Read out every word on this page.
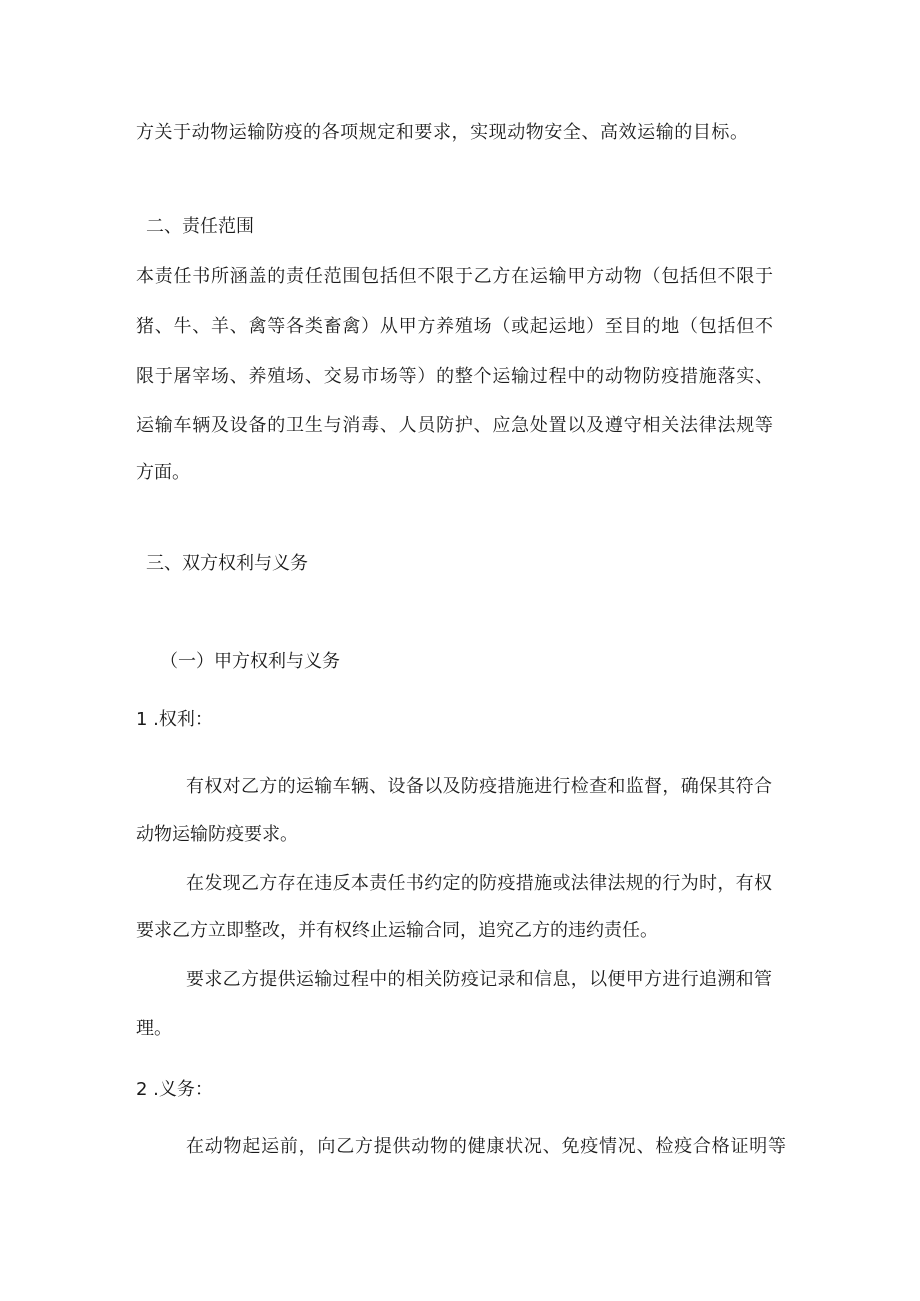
方关于动物运输防疫的各项规定和要求，实现动物安全、高效运输的目标。

二、责任范围

本责任书所涵盖的责任范围包括但不限于乙方在运输甲方动物（包括但不限于

猪、牛、羊、禽等各类畜禽）从甲方养殖场（或起运地）至目的地（包括但不

限于屠宰场、养殖场、交易市场等）的整个运输过程中的动物防疫措施落实、

运输车辆及设备的卫生与消毒、人员防护、应急处置以及遵守相关法律法规等

方面。

三、双方权利与义务

（一）甲方权利与义务

1 .权利：

有权对乙方的运输车辆、设备以及防疫措施进行检查和监督，确保其符合

动物运输防疫要求。

在发现乙方存在违反本责任书约定的防疫措施或法律法规的行为时，有权

要求乙方立即整改，并有权终止运输合同，追究乙方的违约责任。

要求乙方提供运输过程中的相关防疫记录和信息，以便甲方进行追溯和管

理。

2 .义务：

在动物起运前，向乙方提供动物的健康状况、免疫情况、检疫合格证明等
